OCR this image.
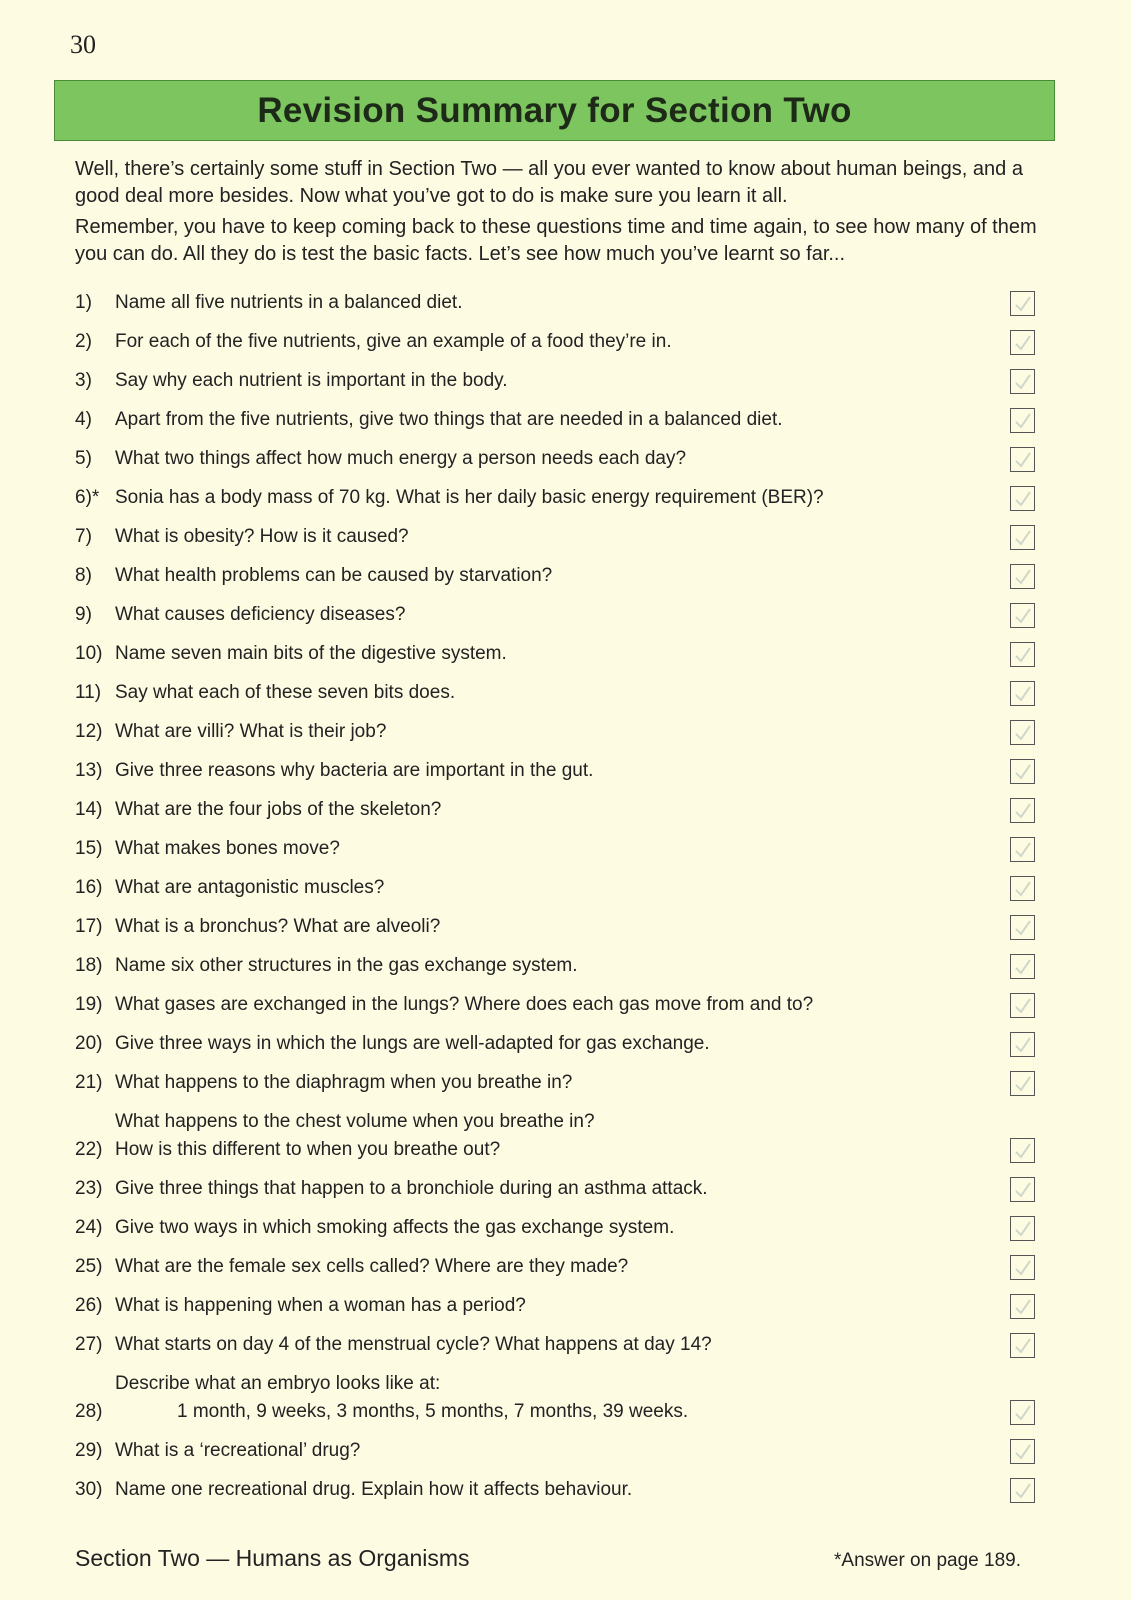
30
Revision Summary for Section Two

Well, there’s certainly some stuff in Section Two — all you ever wanted to know about human beings, and a good deal more besides. Now what you’ve got to do is make sure you learn it all.

Remember, you have to keep coming back to these questions time and time again, to see how many of them you can do. All they do is test the basic facts. Let’s see how much you’ve learnt so far...

1)	Name all five nutrients in a balanced diet.
2)	For each of the five nutrients, give an example of a food they’re in.
3)	Say why each nutrient is important in the body.
4)	Apart from the five nutrients, give two things that are needed in a balanced diet.
5)	What two things affect how much energy a person needs each day?
6)* Sonia has a body mass of 70 kg. What is her daily basic energy requirement (BER)?
7)	What is obesity? How is it caused?
8)	What health problems can be caused by starvation?
9)	What causes deficiency diseases?
10) Name seven main bits of the digestive system.
11) Say what each of these seven bits does.
12) What are villi? What is their job?
13) Give three reasons why bacteria are important in the gut.
14) What are the four jobs of the skeleton?
15) What makes bones move?
16) What are antagonistic muscles?
17) What is a bronchus? What are alveoli?
18) Name six other structures in the gas exchange system.
19) What gases are exchanged in the lungs? Where does each gas move from and to?
20) Give three ways in which the lungs are well-adapted for gas exchange.
21) What happens to the diaphragm when you breathe in?
22)
What happens to the chest volume when you breathe in?
How is this different to when you breathe out?
23) Give three things that happen to a bronchiole during an asthma attack.
24) Give two ways in which smoking affects the gas exchange system.
25) What are the female sex cells called? Where are they made?
26) What is happening when a woman has a period?
27) What starts on day 4 of the menstrual cycle? What happens at day 14?
28)
Describe what an embryo looks like at:
1 month, 9 weeks, 3 months, 5 months, 7 months, 39 weeks.
29) What is a ‘recreational’ drug?
30) Name one recreational drug. Explain how it affects behaviour.
Section Two — Humans as Organisms	*Answer on page 189.
